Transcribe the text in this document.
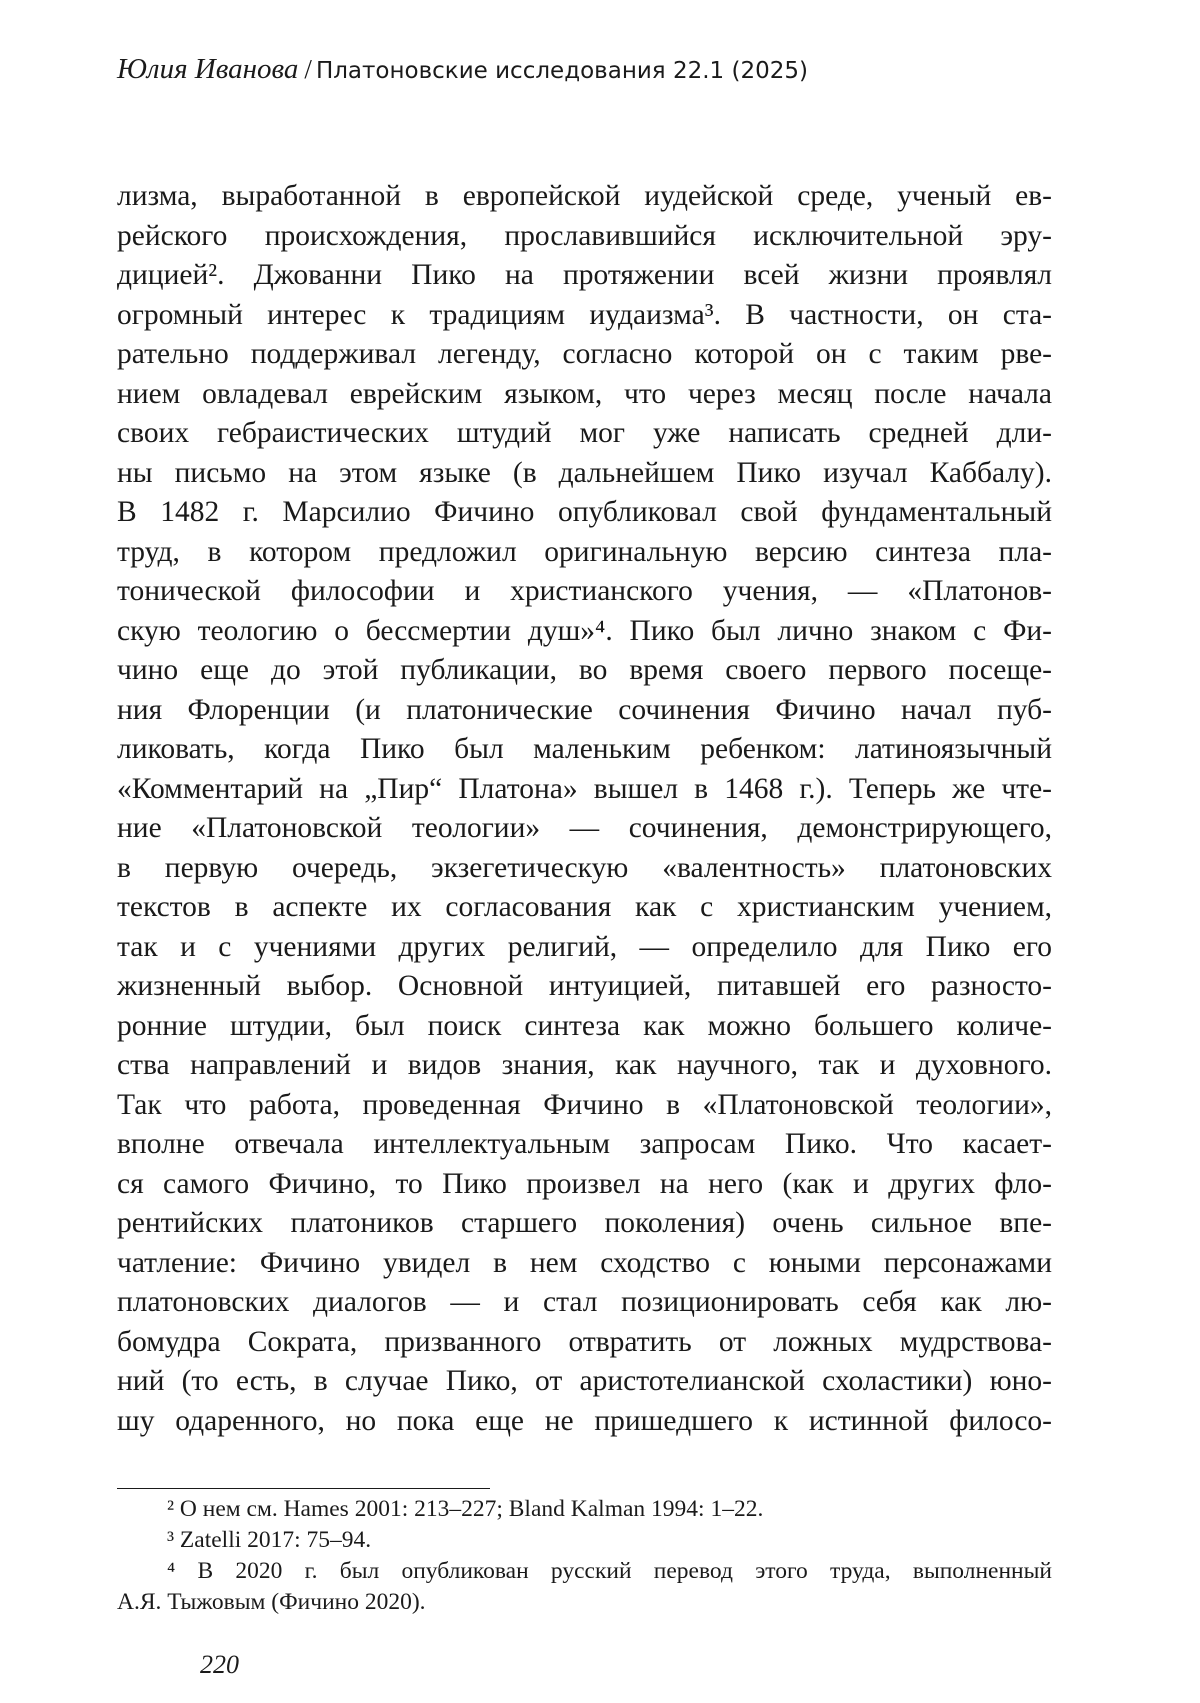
Юлия Иванова / Платоновские исследования 22.1 (2025)
лизма, выработанной в европейской иудейской среде, ученый ев-
рейского происхождения, прославившийся исключительной эру-
дицией². Джованни Пико на протяжении всей жизни проявлял
огромный интерес к традициям иудаизма³. В частности, он ста-
рательно поддерживал легенду, согласно которой он с таким рве-
нием овладевал еврейским языком, что через месяц после начала
своих гебраистических штудий мог уже написать средней дли-
ны письмо на этом языке (в дальнейшем Пико изучал Каббалу).
В 1482 г. Марсилио Фичино опубликовал свой фундаментальный
труд, в котором предложил оригинальную версию синтеза пла-
тонической философии и христианского учения, — «Платонов-
скую теологию о бессмертии душ»⁴. Пико был лично знаком с Фи-
чино еще до этой публикации, во время своего первого посеще-
ния Флоренции (и платонические сочинения Фичино начал пуб-
ликовать, когда Пико был маленьким ребенком: латиноязычный
«Комментарий на „Пир“ Платона» вышел в 1468 г.). Теперь же чте-
ние «Платоновской теологии» — сочинения, демонстрирующего,
в первую очередь, экзегетическую «валентность» платоновских
текстов в аспекте их согласования как с христианским учением,
так и с учениями других религий, — определило для Пико его
жизненный выбор. Основной интуицией, питавшей его разносто-
ронние штудии, был поиск синтеза как можно большего количе-
ства направлений и видов знания, как научного, так и духовного.
Так что работа, проведенная Фичино в «Платоновской теологии»,
вполне отвечала интеллектуальным запросам Пико. Что касает-
ся самого Фичино, то Пико произвел на него (как и других фло-
рентийских платоников старшего поколения) очень сильное впе-
чатление: Фичино увидел в нем сходство с юными персонажами
платоновских диалогов — и стал позиционировать себя как лю-
бомудра Сократа, призванного отвратить от ложных мудрствова-
ний (то есть, в случае Пико, от аристотелианской схоластики) юно-
шу одаренного, но пока еще не пришедшего к истинной филосо-
² О нем см. Hames 2001: 213–227; Bland Kalman 1994: 1–22.
³ Zatelli 2017: 75–94.
⁴ В 2020 г. был опубликован русский перевод этого труда, выполненный
А.Я. Тыжовым (Фичино 2020).
220
